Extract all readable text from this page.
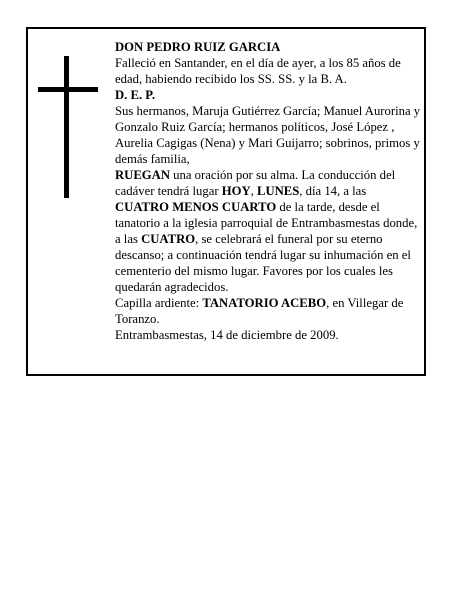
DON PEDRO RUIZ GARCIA

Falleció en Santander, en el día de ayer, a los 85 años de edad, habiendo recibido los SS. SS. y la B. A.

D. E. P.

Sus hermanos, Maruja Gutiérrez García; Manuel Aurorina y Gonzalo Ruiz García; hermanos políticos, José López , Aurelia Cagigas (Nena) y Mari Guijarro; sobrinos, primos y demás familia,

RUEGAN una oración por su alma. La conducción del cadáver tendrá lugar HOY, LUNES, día 14, a las CUATRO MENOS CUARTO de la tarde, desde el tanatorio a la iglesia parroquial de Entrambasmestas donde, a las CUATRO, se celebrará el funeral por su eterno descanso; a continuación tendrá lugar su inhumación en el cementerio del mismo lugar. Favores por los cuales les quedarán agradecidos.

Capilla ardiente: TANATORIO ACEBO, en Villegar de Toranzo.

Entrambasmestas, 14 de diciembre de 2009.
